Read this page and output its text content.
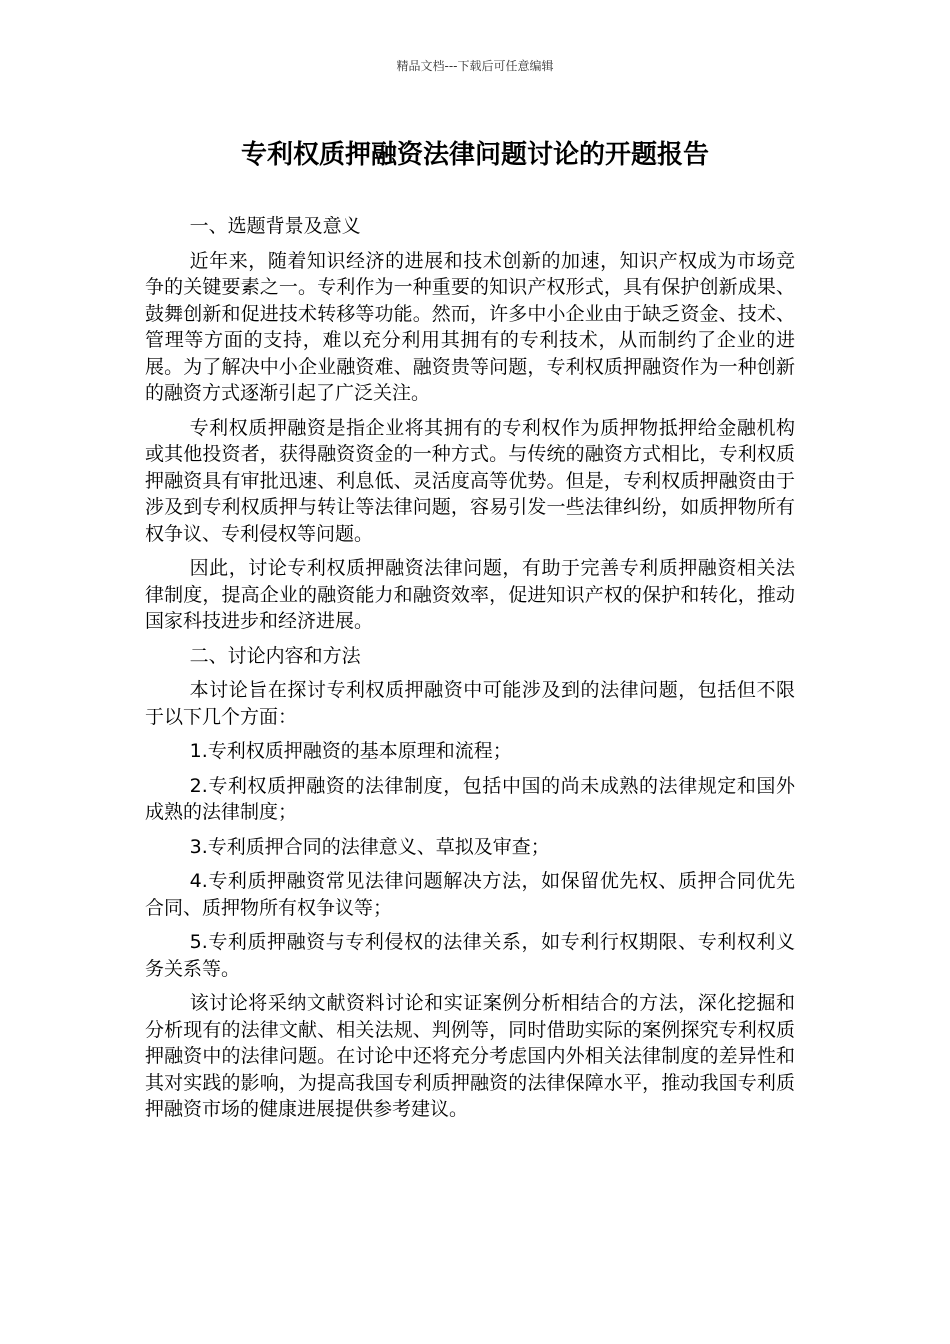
精品文档---下载后可任意编辑
专利权质押融资法律问题讨论的开题报告

一、选题背景及意义

近年来，随着知识经济的进展和技术创新的加速，知识产权成为市场竞争的关键要素之一。专利作为一种重要的知识产权形式，具有保护创新成果、鼓舞创新和促进技术转移等功能。然而，许多中小企业由于缺乏资金、技术、管理等方面的支持，难以充分利用其拥有的专利技术，从而制约了企业的进展。为了解决中小企业融资难、融资贵等问题，专利权质押融资作为一种创新的融资方式逐渐引起了广泛关注。

专利权质押融资是指企业将其拥有的专利权作为质押物抵押给金融机构或其他投资者，获得融资资金的一种方式。与传统的融资方式相比，专利权质押融资具有审批迅速、利息低、灵活度高等优势。但是，专利权质押融资由于涉及到专利权质押与转让等法律问题，容易引发一些法律纠纷，如质押物所有权争议、专利侵权等问题。

因此，讨论专利权质押融资法律问题，有助于完善专利质押融资相关法律制度，提高企业的融资能力和融资效率，促进知识产权的保护和转化，推动国家科技进步和经济进展。

二、讨论内容和方法

本讨论旨在探讨专利权质押融资中可能涉及到的法律问题，包括但不限于以下几个方面：

1.专利权质押融资的基本原理和流程；

2.专利权质押融资的法律制度，包括中国的尚未成熟的法律规定和国外成熟的法律制度；

3.专利质押合同的法律意义、草拟及审查；

4.专利质押融资常见法律问题解决方法，如保留优先权、质押合同优先合同、质押物所有权争议等；

5.专利质押融资与专利侵权的法律关系，如专利行权期限、专利权利义务关系等。

该讨论将采纳文献资料讨论和实证案例分析相结合的方法，深化挖掘和分析现有的法律文献、相关法规、判例等，同时借助实际的案例探究专利权质押融资中的法律问题。在讨论中还将充分考虑国内外相关法律制度的差异性和其对实践的影响，为提高我国专利质押融资的法律保障水平，推动我国专利质押融资市场的健康进展提供参考建议。
